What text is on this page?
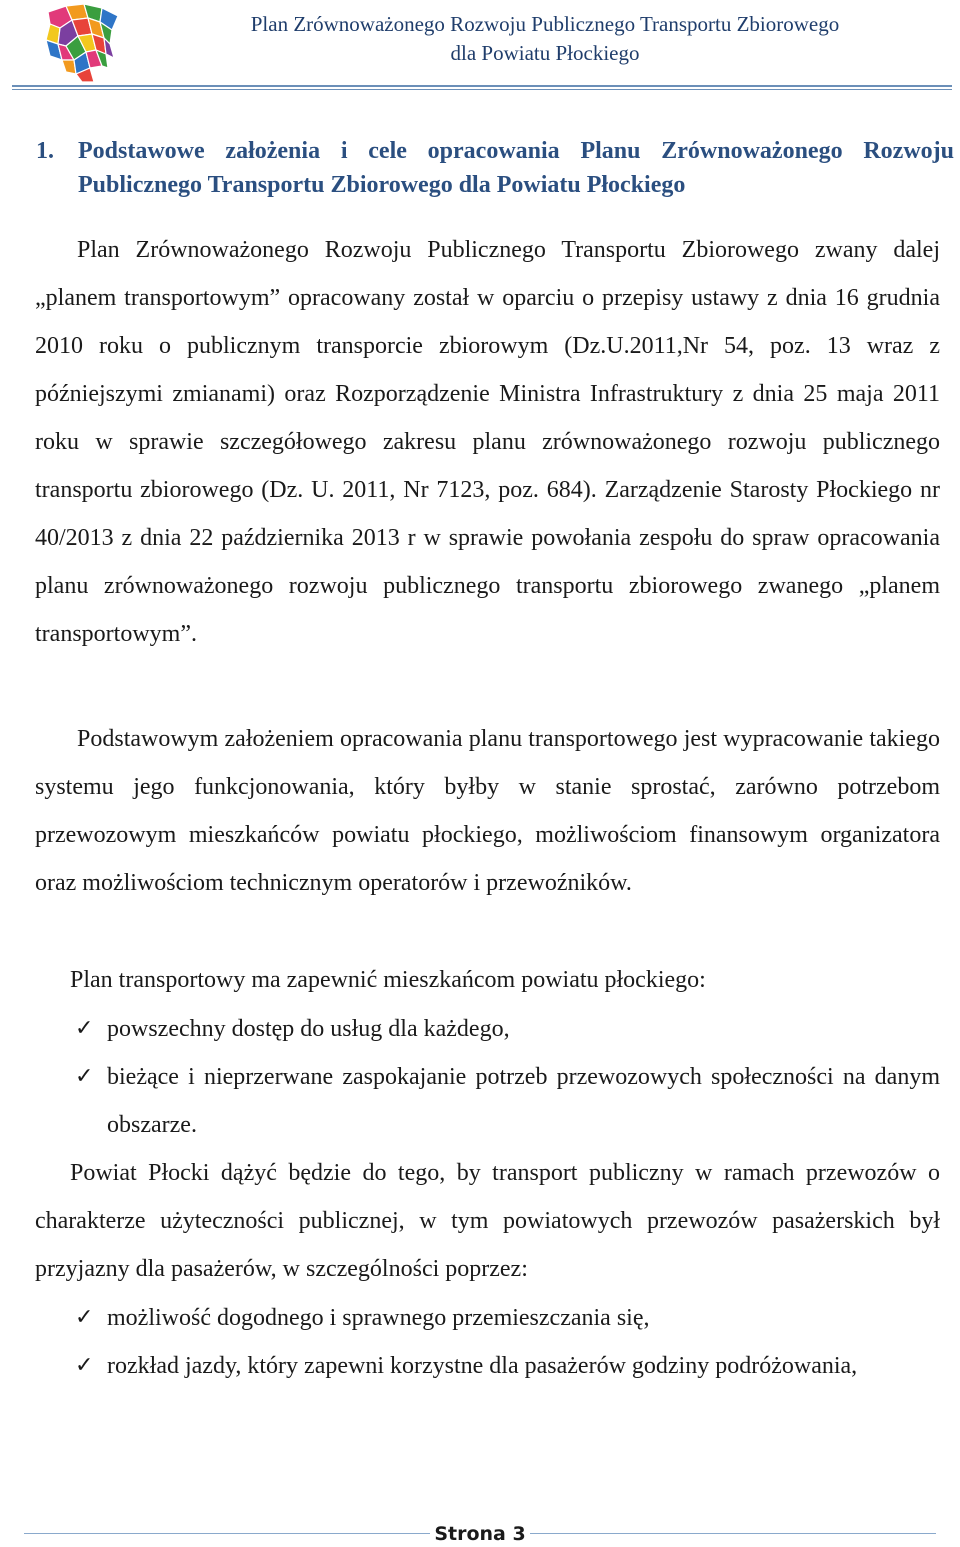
Plan Zrównoważonego Rozwoju Publicznego Transportu Zbiorowego
dla Powiatu Płockiego
1. Podstawowe założenia i cele opracowania Planu Zrównoważonego Rozwoju Publicznego Transportu Zbiorowego dla Powiatu Płockiego

Plan Zrównoważonego Rozwoju Publicznego Transportu Zbiorowego zwany dalej „planem transportowym” opracowany został w oparciu o przepisy ustawy z dnia 16 grudnia 2010 roku o publicznym transporcie zbiorowym (Dz.U.2011,Nr 54, poz. 13 wraz z późniejszymi zmianami) oraz Rozporządzenie Ministra Infrastruktury z dnia 25 maja 2011 roku w sprawie szczegółowego zakresu planu zrównoważonego rozwoju publicznego transportu zbiorowego (Dz. U. 2011, Nr 7123, poz. 684). Zarządzenie Starosty Płockiego nr 40/2013 z dnia 22 października 2013 r w sprawie powołania zespołu do spraw opracowania planu zrównoważonego rozwoju publicznego transportu zbiorowego zwanego „planem transportowym”.

Podstawowym założeniem opracowania planu transportowego jest wypracowanie takiego systemu jego funkcjonowania, który byłby w stanie sprostać, zarówno potrzebom przewozowym mieszkańców powiatu płockiego, możliwościom finansowym organizatora oraz możliwościom technicznym operatorów i przewoźników.

Plan transportowy ma zapewnić mieszkańcom powiatu płockiego:

✓ powszechny dostęp do usług dla każdego,
✓ bieżące i nieprzerwane zaspokajanie potrzeb przewozowych społeczności na danym obszarze.

Powiat Płocki dążyć będzie do tego, by transport publiczny w ramach przewozów o charakterze użyteczności publicznej, w tym powiatowych przewozów pasażerskich był przyjazny dla pasażerów, w szczególności poprzez:

✓ możliwość dogodnego i sprawnego przemieszczania się,
✓ rozkład jazdy, który zapewni korzystne dla pasażerów godziny podróżowania,
Strona 3
